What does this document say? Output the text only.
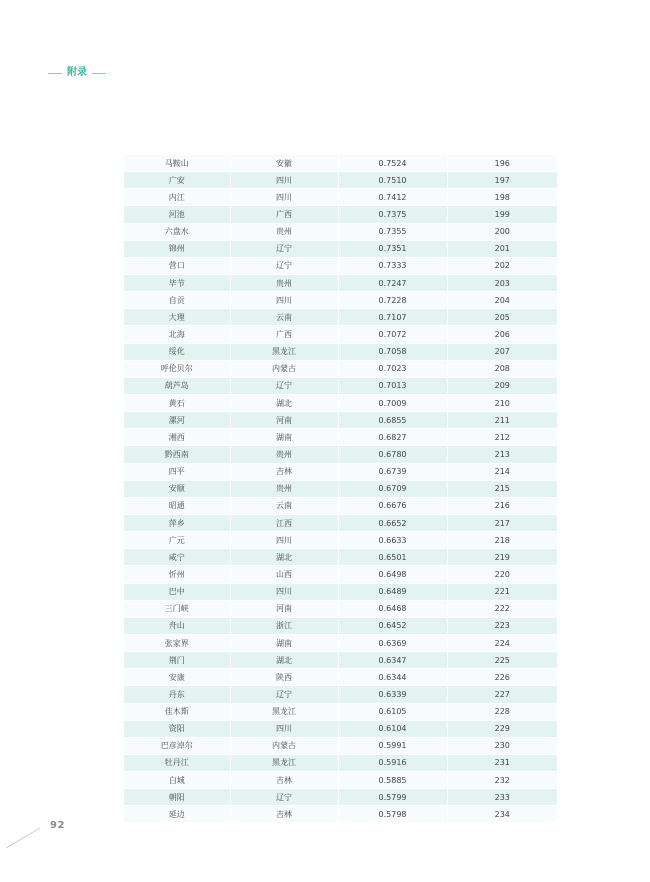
附录
马鞍山	安徽	0.7524	196
广安	四川	0.7510	197
内江	四川	0.7412	198
河池	广西	0.7375	199
六盘水	贵州	0.7355	200
锦州	辽宁	0.7351	201
营口	辽宁	0.7333	202
毕节	贵州	0.7247	203
自贡	四川	0.7228	204
大理	云南	0.7107	205
北海	广西	0.7072	206
绥化	黑龙江	0.7058	207
呼伦贝尔	内蒙古	0.7023	208
葫芦岛	辽宁	0.7013	209
黄石	湖北	0.7009	210
漯河	河南	0.6855	211
湘西	湖南	0.6827	212
黔西南	贵州	0.6780	213
四平	吉林	0.6739	214
安顺	贵州	0.6709	215
昭通	云南	0.6676	216
萍乡	江西	0.6652	217
广元	四川	0.6633	218
咸宁	湖北	0.6501	219
忻州	山西	0.6498	220
巴中	四川	0.6489	221
三门峡	河南	0.6468	222
舟山	浙江	0.6452	223
张家界	湖南	0.6369	224
荆门	湖北	0.6347	225
安康	陕西	0.6344	226
丹东	辽宁	0.6339	227
佳木斯	黑龙江	0.6105	228
资阳	四川	0.6104	229
巴彦淖尔	内蒙古	0.5991	230
牡丹江	黑龙江	0.5916	231
白城	吉林	0.5885	232
朝阳	辽宁	0.5799	233
延边	吉林	0.5798	234
92
